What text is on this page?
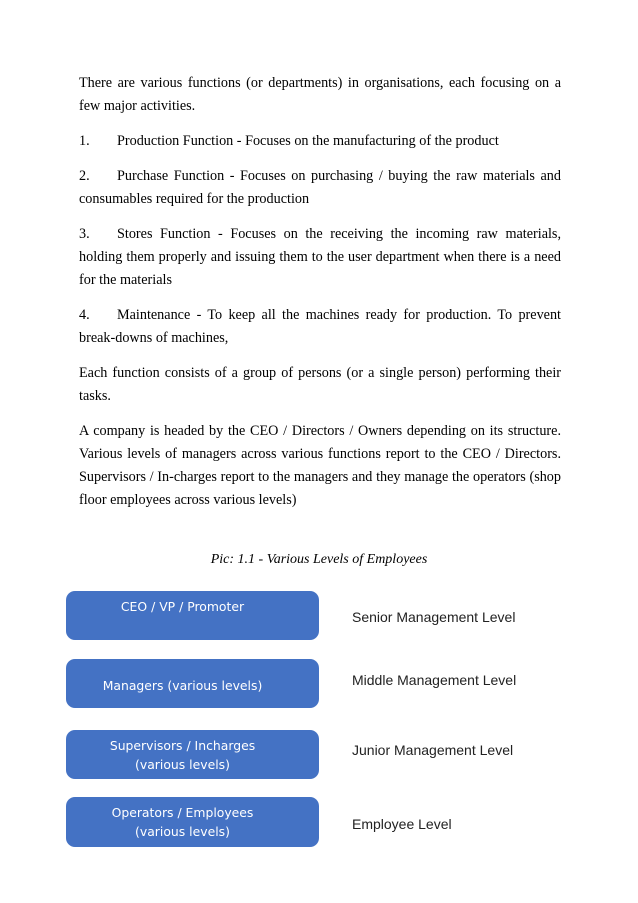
There are various functions (or departments) in organisations, each focusing on a few major activities.

1. Production Function - Focuses on the manufacturing of the product

2. Purchase Function - Focuses on purchasing / buying the raw materials and consumables required for the production

3. Stores Function - Focuses on the receiving the incoming raw materials, holding them properly and issuing them to the user department when there is a need for the materials

4. Maintenance - To keep all the machines ready for production. To prevent break-downs of machines,

Each function consists of a group of persons (or a single person) performing their tasks.

A company is headed by the CEO / Directors / Owners depending on its structure. Various levels of managers across various functions report to the CEO / Directors. Supervisors / In-charges report to the managers and they manage the operators (shop floor employees across various levels)

Pic: 1.1 - Various Levels of Employees
CEO / VP / Promoter
Senior Management Level
Managers (various levels)	Middle Management Level
Supervisors / Incharges
(various levels)
Junior Management Level
Operators / Employees
(various levels)	Employee Level
